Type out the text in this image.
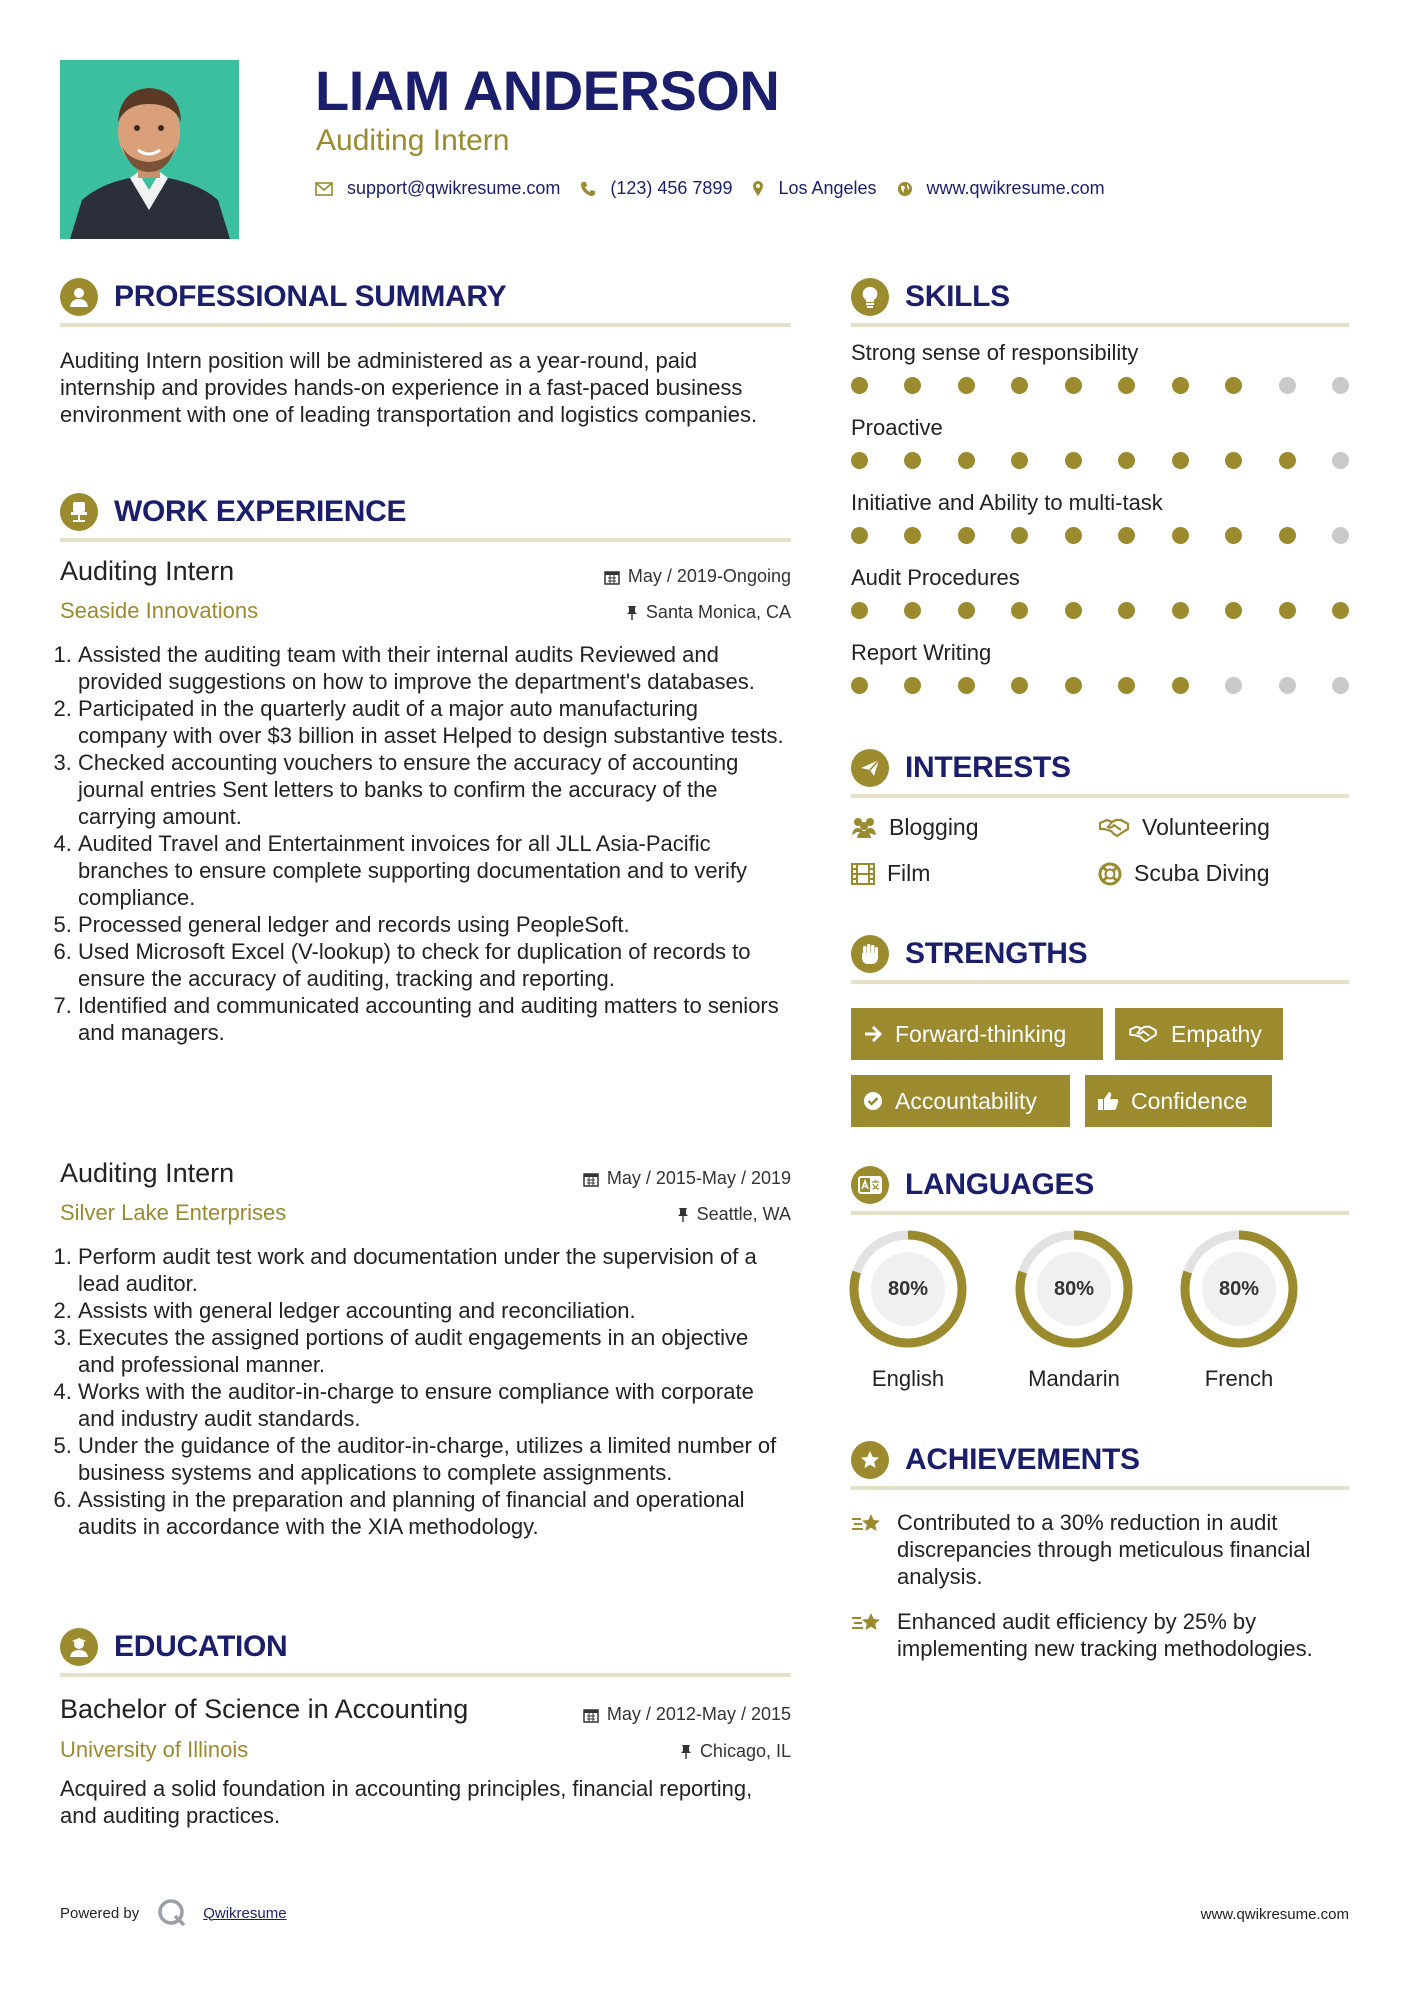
LIAM ANDERSON
Auditing Intern
support@qwikresume.com	(123) 456 7899	Los Angeles	www.qwikresume.com
PROFESSIONAL SUMMARY
Auditing Intern position will be administered as a year-round, paid internship and provides hands-on experience in a fast-paced business environment with one of leading transportation and logistics companies.
WORK EXPERIENCE
Auditing Intern	May / 2019-Ongoing
Seaside Innovations	Santa Monica, CA
1. Assisted the auditing team with their internal audits Reviewed and provided suggestions on how to improve the department's databases.
2. Participated in the quarterly audit of a major auto manufacturing company with over $3 billion in asset Helped to design substantive tests.
3. Checked accounting vouchers to ensure the accuracy of accounting journal entries Sent letters to banks to confirm the accuracy of the carrying amount.
4. Audited Travel and Entertainment invoices for all JLL Asia-Pacific branches to ensure complete supporting documentation and to verify compliance.
5. Processed general ledger and records using PeopleSoft.
6. Used Microsoft Excel (V-lookup) to check for duplication of records to ensure the accuracy of auditing, tracking and reporting.
7. Identified and communicated accounting and auditing matters to seniors and managers.
Auditing Intern	May / 2015-May / 2019
Silver Lake Enterprises	Seattle, WA
1. Perform audit test work and documentation under the supervision of a lead auditor.
2. Assists with general ledger accounting and reconciliation.
3. Executes the assigned portions of audit engagements in an objective and professional manner.
4. Works with the auditor-in-charge to ensure compliance with corporate and industry audit standards.
5. Under the guidance of the auditor-in-charge, utilizes a limited number of business systems and applications to complete assignments.
6. Assisting in the preparation and planning of financial and operational audits in accordance with the XIA methodology.
EDUCATION
Bachelor of Science in Accounting	May / 2012-May / 2015
University of Illinois	Chicago, IL
Acquired a solid foundation in accounting principles, financial reporting, and auditing practices.
SKILLS
Strong sense of responsibility
Proactive
Initiative and Ability to multi-task
Audit Procedures
Report Writing
INTERESTS
Blogging	Volunteering
Film	Scuba Diving
STRENGTHS
Forward-thinking	Empathy
Accountability	Confidence
LANGUAGES
80%
English
80%
Mandarin
80%
French
ACHIEVEMENTS
Contributed to a 30% reduction in audit discrepancies through meticulous financial analysis.
Enhanced audit efficiency by 25% by implementing new tracking methodologies.
Powered by	Qwikresume	www.qwikresume.com
